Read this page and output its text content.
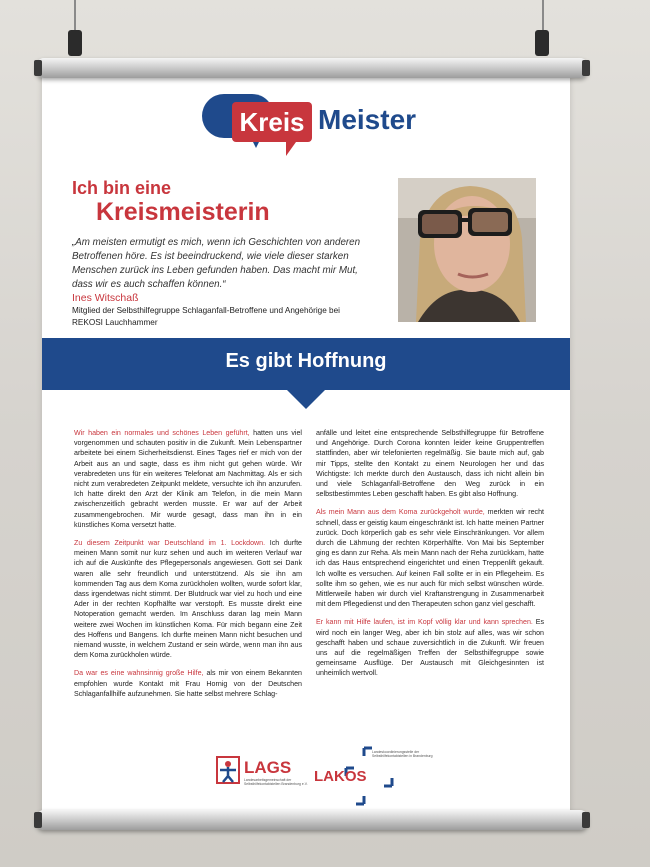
Kreis Meister
Ich bin eine
Kreismeisterin
„Am meisten ermutigt es mich, wenn ich Geschichten von anderen Betroffenen höre. Es ist beeindruckend, wie viele dieser starken Menschen zurück ins Leben gefunden haben. Das macht mir Mut, dass wir es auch schaffen können.“
Ines Witschaß
Mitglied der Selbsthilfegruppe Schlaganfall-Betroffene und Angehörige bei REKOSI Lauchhammer
Es gibt Hoffnung

Wir haben ein normales und schönes Leben geführt, hatten uns viel vorgenommen und schauten positiv in die Zukunft. Mein Lebenspartner arbeitete bei einem Sicherheitsdienst. Eines Tages rief er mich von der Arbeit aus an und sagte, dass es ihm nicht gut gehen würde. Wir verabredeten uns für ein weiteres Telefonat am Nachmittag. Als er sich nicht zum verabredeten Zeitpunkt meldete, versuchte ich ihn anzurufen. Ich hatte direkt den Arzt der Klinik am Telefon, in die mein Mann zwischenzeitlich gebracht werden musste. Er war auf der Arbeit zusammengebrochen. Mir wurde gesagt, dass man ihn in ein künstliches Koma versetzt hatte.

Zu diesem Zeitpunkt war Deutschland im 1. Lockdown. Ich durfte meinen Mann somit nur kurz sehen und auch im weiteren Verlauf war ich auf die Auskünfte des Pflegepersonals angewiesen. Gott sei Dank waren alle sehr freundlich und unterstützend. Als sie ihn am kommenden Tag aus dem Koma zurückholen wollten, wurde sofort klar, dass irgendetwas nicht stimmt. Der Blutdruck war viel zu hoch und eine Ader in der rechten Kopfhälfte war verstopft. Es musste direkt eine Notoperation gemacht werden. Im Anschluss daran lag mein Mann weitere zwei Wochen im künstlichen Koma. Für mich begann eine Zeit des Hoffens und Bangens. Ich durfte meinen Mann nicht besuchen und niemand wusste, in welchem Zustand er sein würde, wenn man ihn aus dem Koma zurückholen würde.

Da war es eine wahnsinnig große Hilfe, als mir von einem Bekannten empfohlen wurde Kontakt mit Frau Hornig von der Deutschen Schlaganfallhilfe aufzunehmen. Sie hatte selbst mehrere Schlag-

anfälle und leitet eine entsprechende Selbsthilfegruppe für Betroffene und Angehörige. Durch Corona konnten leider keine Gruppentreffen stattfinden, aber wir telefonierten regelmäßig. Sie baute mich auf, gab mir Tipps, stellte den Kontakt zu einem Neurologen her und das Wichtigste: Ich merkte durch den Austausch, dass ich nicht allein bin und viele Schlaganfall-Betroffene den Weg zurück in ein selbstbestimmtes Leben geschafft haben. Es gibt also Hoffnung.

Als mein Mann aus dem Koma zurückgeholt wurde, merkten wir recht schnell, dass er geistig kaum eingeschränkt ist. Ich hatte meinen Partner zurück. Doch körperlich gab es sehr viele Einschränkungen. Vor allem durch die Lähmung der rechten Körperhälfte. Von Mai bis September ging es dann zur Reha. Als mein Mann nach der Reha zurückkam, hatte ich das Haus entsprechend eingerichtet und einen Treppenlift gekauft. Ich wollte es versuchen. Auf keinen Fall sollte er in ein Pflegeheim. Es sollte ihm so gehen, wie es nur auch für mich selbst wünschen würde. Mittlerweile haben wir durch viel Kraftanstrengung in Zusammenarbeit mit dem Pflegedienst und den Therapeuten schon ganz viel geschafft.

Er kann mit Hilfe laufen, ist im Kopf völlig klar und kann sprechen. Es wird noch ein langer Weg, aber ich bin stolz auf alles, was wir schon geschafft haben und schaue zuversichtlich in die Zukunft. Wir freuen uns auf die regelmäßigen Treffen der Selbsthilfegruppe sowie gemeinsame Ausflüge. Der Austausch mit Gleichgesinnten ist unheimlich wertvoll.

LAGS
Landesarbeitsgemeinschaft der Selbsthilfekontaktstellen Brandenburg e.V. LAKOS
Landeskoordinierungsstelle der Selbsthilfekontaktstellen in Brandenburg
